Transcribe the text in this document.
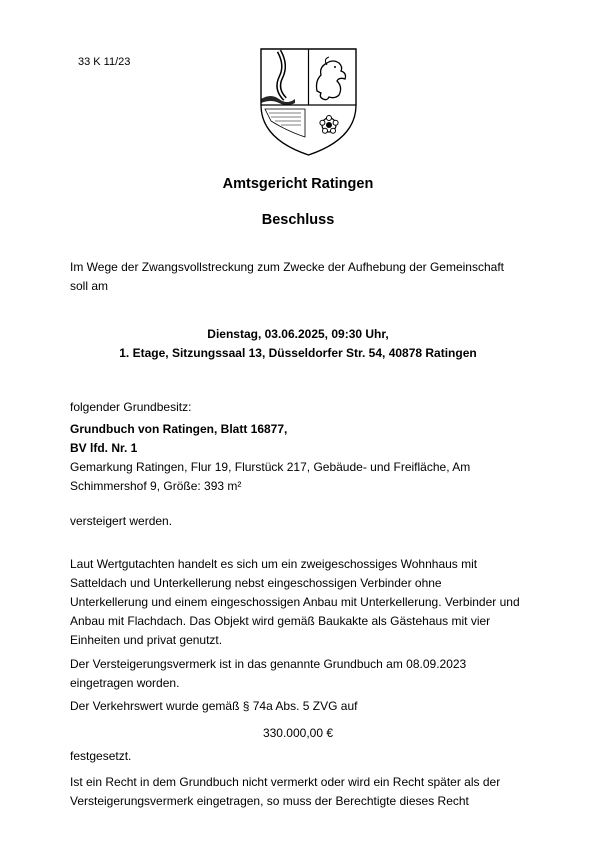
33 K 11/23
Amtsgericht Ratingen
Beschluss
Im Wege der Zwangsvollstreckung zum Zwecke der Aufhebung der Gemeinschaft
soll am
Dienstag, 03.06.2025, 09:30 Uhr,
1. Etage, Sitzungssaal 13, Düsseldorfer Str. 54, 40878 Ratingen
folgender Grundbesitz:
Grundbuch von Ratingen, Blatt 16877,
BV lfd. Nr. 1
Gemarkung Ratingen, Flur 19, Flurstück 217, Gebäude- und Freifläche, Am
Schimmershof 9, Größe: 393 m²
versteigert werden.
Laut Wertgutachten handelt es sich um ein zweigeschossiges Wohnhaus mit
Satteldach und Unterkellerung nebst eingeschossigen Verbinder ohne
Unterkellerung und einem eingeschossigen Anbau mit Unterkellerung. Verbinder und
Anbau mit Flachdach. Das Objekt wird gemäß Baukakte als Gästehaus mit vier
Einheiten und privat genutzt.
Der Versteigerungsvermerk ist in das genannte Grundbuch am 08.09.2023
eingetragen worden.
Der Verkehrswert wurde gemäß § 74a Abs. 5 ZVG auf
330.000,00 €
festgesetzt.
Ist ein Recht in dem Grundbuch nicht vermerkt oder wird ein Recht später als der
Versteigerungsvermerk eingetragen, so muss der Berechtigte dieses Recht
